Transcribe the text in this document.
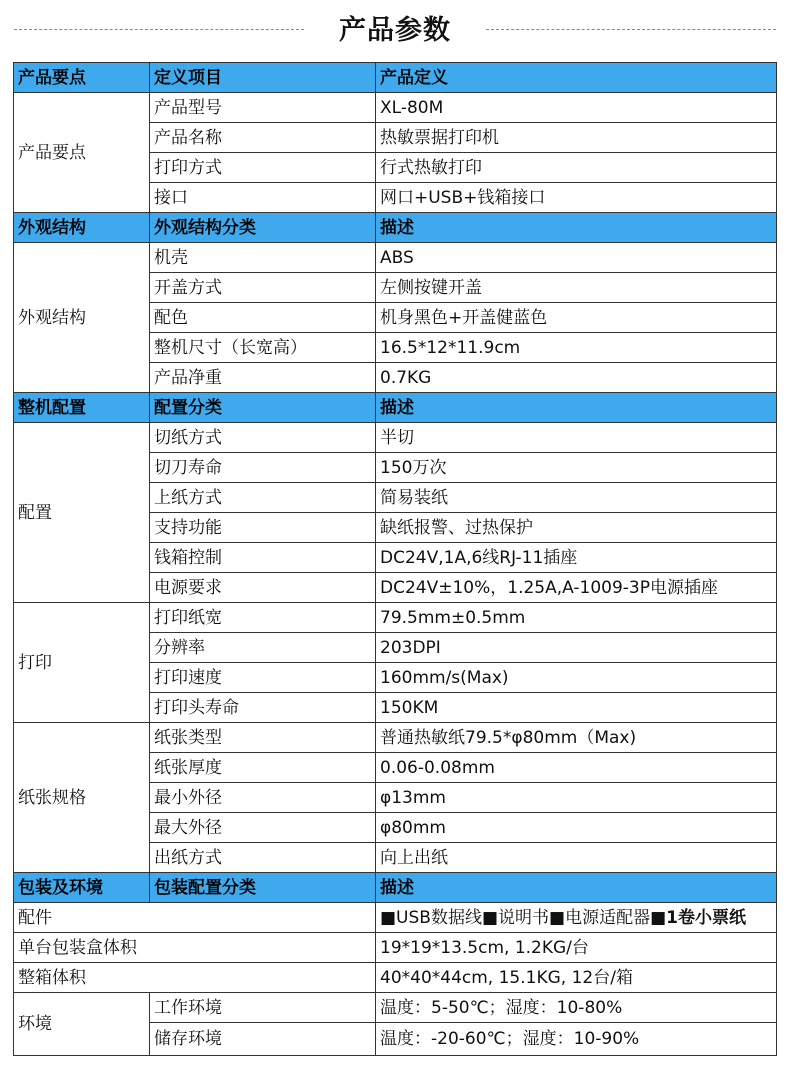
产品参数
产品要点	定义项目	产品定义
产品要点	产品型号	XL-80M
	产品名称	热敏票据打印机
	打印方式	行式热敏打印
	接口	网口+USB+钱箱接口
外观结构	外观结构分类	描述
外观结构	机壳	ABS
	开盖方式	左侧按键开盖
	配色	机身黑色+开盖健蓝色
	整机尺寸（长宽高）	16.5*12*11.9cm
	产品净重	0.7KG
整机配置	配置分类	描述
配置	切纸方式	半切
	切刀寿命	150万次
	上纸方式	简易装纸
	支持功能	缺纸报警、过热保护
	钱箱控制	DC24V,1A,6线RJ-11插座
	电源要求	DC24V±10%，1.25A,A-1009-3P电源插座
打印	打印纸宽	79.5mm±0.5mm
	分辨率	203DPI
	打印速度	160mm/s(Max)
	打印头寿命	150KM
纸张规格	纸张类型	普通热敏纸79.5*φ80mm（Max)
	纸张厚度	0.06-0.08mm
	最小外径	φ13mm
	最大外径	φ80mm
	出纸方式	向上出纸
包装及环境	包装配置分类	描述
配件		■USB数据线■说明书■电源适配器■1卷小票纸
单台包装盒体积		19*19*13.5cm, 1.2KG/台
整箱体积		40*40*44cm, 15.1KG, 12台/箱
环境	工作环境	温度：5-50℃；湿度：10-80%
	储存环境	温度：-20-60℃；湿度：10-90%
